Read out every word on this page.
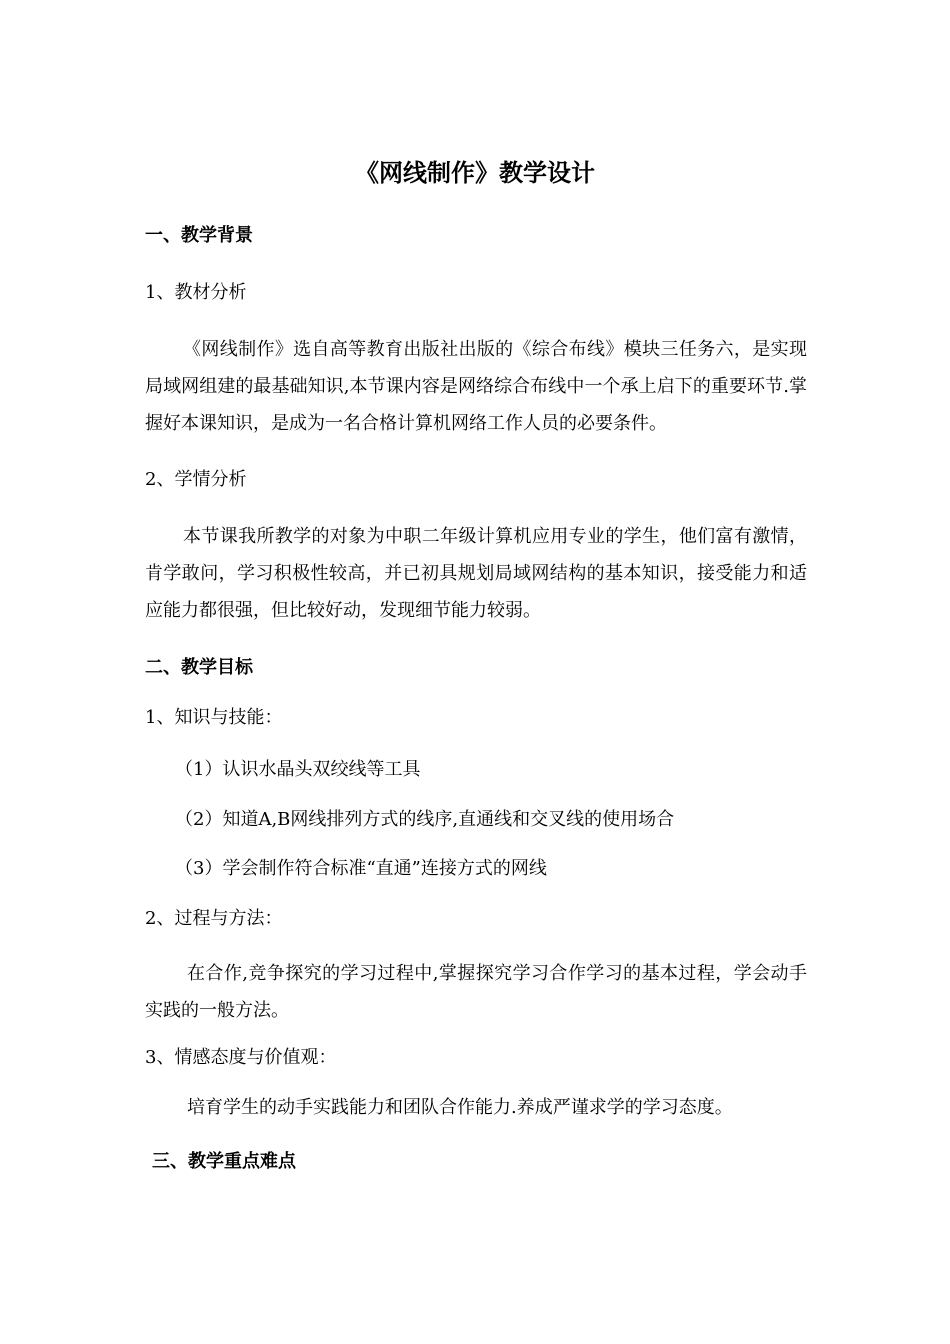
《网线制作》教学设计
一、教学背景
1、教材分析
《网线制作》选自高等教育出版社出版的《综合布线》模块三任务六，是实现局域网组建的最基础知识,本节课内容是网络综合布线中一个承上启下的重要环节.掌握好本课知识，是成为一名合格计算机网络工作人员的必要条件。
2、学情分析
本节课我所教学的对象为中职二年级计算机应用专业的学生，他们富有激情，肯学敢问，学习积极性较高，并已初具规划局域网结构的基本知识，接受能力和适应能力都很强，但比较好动，发现细节能力较弱。
二、教学目标
1、知识与技能：
（1）认识水晶头双绞线等工具
（2）知道A,B网线排列方式的线序,直通线和交叉线的使用场合
（3）学会制作符合标准“直通”连接方式的网线
2、过程与方法：
在合作,竞争探究的学习过程中,掌握探究学习合作学习的基本过程，学会动手实践的一般方法。
3、情感态度与价值观：
培育学生的动手实践能力和团队合作能力.养成严谨求学的学习态度。
三、教学重点难点
